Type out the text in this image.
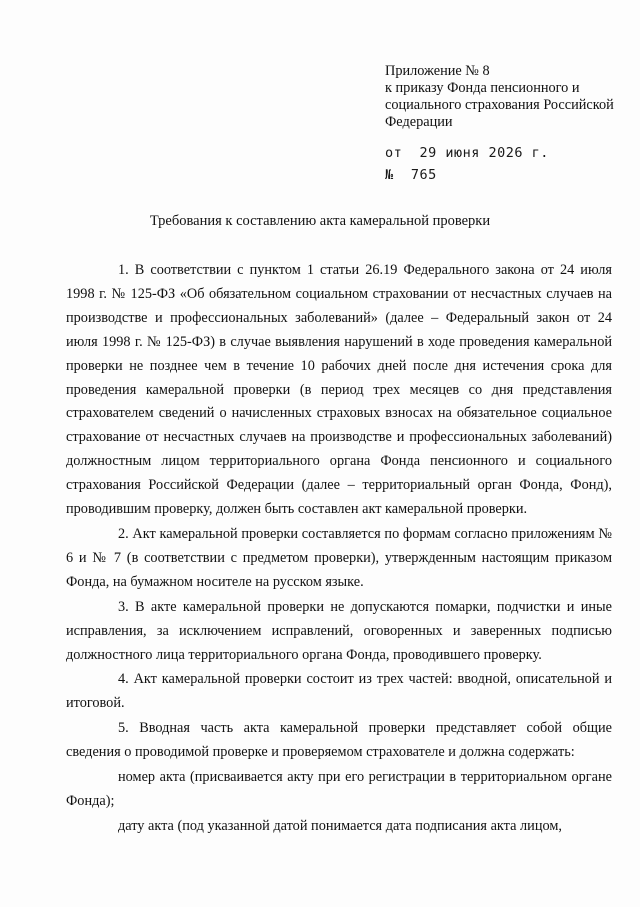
Приложение № 8
к приказу Фонда пенсионного и
социального страхования Российской
Федерации
от  29 июня 2026 г.
№  765
Требования к составлению акта камеральной проверки

1. В соответствии с пунктом 1 статьи 26.19 Федерального закона от 24 июля 1998 г. № 125-ФЗ «Об обязательном социальном страховании от несчастных случаев на производстве и профессиональных заболеваний» (далее – Федеральный закон от 24 июля 1998 г. № 125-ФЗ) в случае выявления нарушений в ходе проведения камеральной проверки не позднее чем в течение 10 рабочих дней после дня истечения срока для проведения камеральной проверки (в период трех месяцев со дня представления страхователем сведений о начисленных страховых взносах на обязательное социальное страхование от несчастных случаев на производстве и профессиональных заболеваний) должностным лицом территориального органа Фонда пенсионного и социального страхования Российской Федерации (далее – территориальный орган Фонда, Фонд), проводившим проверку, должен быть составлен акт камеральной проверки.

2. Акт камеральной проверки составляется по формам согласно приложениям № 6 и № 7 (в соответствии с предметом проверки), утвержденным настоящим приказом Фонда, на бумажном носителе на русском языке.

3. В акте камеральной проверки не допускаются помарки, подчистки и иные исправления, за исключением исправлений, оговоренных и заверенных подписью должностного лица территориального органа Фонда, проводившего проверку.

4. Акт камеральной проверки состоит из трех частей: вводной, описательной и итоговой.

5. Вводная часть акта камеральной проверки представляет собой общие сведения о проводимой проверке и проверяемом страхователе и должна содержать:

номер акта (присваивается акту при его регистрации в территориальном органе Фонда);

дату акта (под указанной датой понимается дата подписания акта лицом,
